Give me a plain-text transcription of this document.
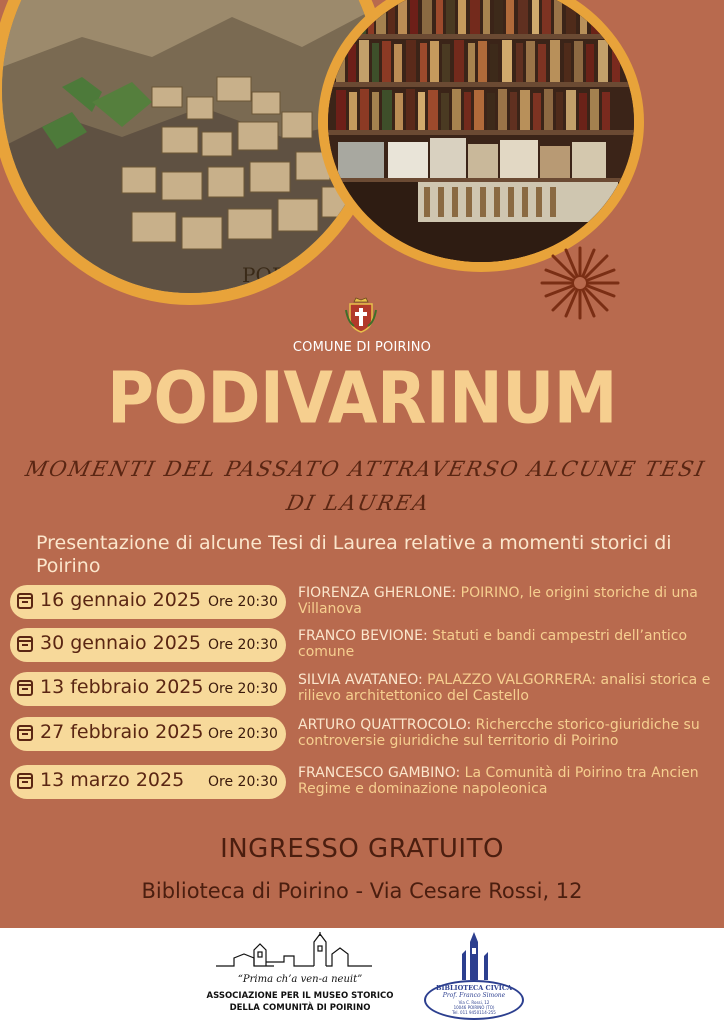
PODIVAR
COMUNE DI POIRINO
PODIVARINUM
MOMENTI DEL PASSATO ATTRAVERSO ALCUNE TESI DI LAUREA
Presentazione di alcune Tesi di Laurea relative a momenti storici di Poirino
16 gennaio 2025 Ore 20:30
FIORENZA GHERLONE: POIRINO, le origini storiche di una Villanova
30 gennaio 2025 Ore 20:30
FRANCO BEVIONE: Statuti e bandi campestri dell’antico comune
13 febbraio 2025 Ore 20:30
SILVIA AVATANEO: PALAZZO VALGORRERA: analisi storica e rilievo architettonico del Castello
27 febbraio 2025 Ore 20:30
ARTURO QUATTROCOLO: Richercche storico-giuridiche su controversie giuridiche sul territorio di Poirino
13 marzo 2025 Ore 20:30
FRANCESCO GAMBINO: La Comunità di Poirino tra Ancien Regime e dominazione napoleonica
INGRESSO GRATUITO
Biblioteca di Poirino - Via Cesare Rossi, 12
“Prima ch’a ven-a neuit”
ASSOCIAZIONE PER IL MUSEO STORICO
DELLA COMUNITÀ DI POIRINO
BIBLIOTECA CIVICA
Prof. Franco Simone
Via C. Rossi, 12
10046 POIRINO (TO)
Tel. 011 9450114-255
